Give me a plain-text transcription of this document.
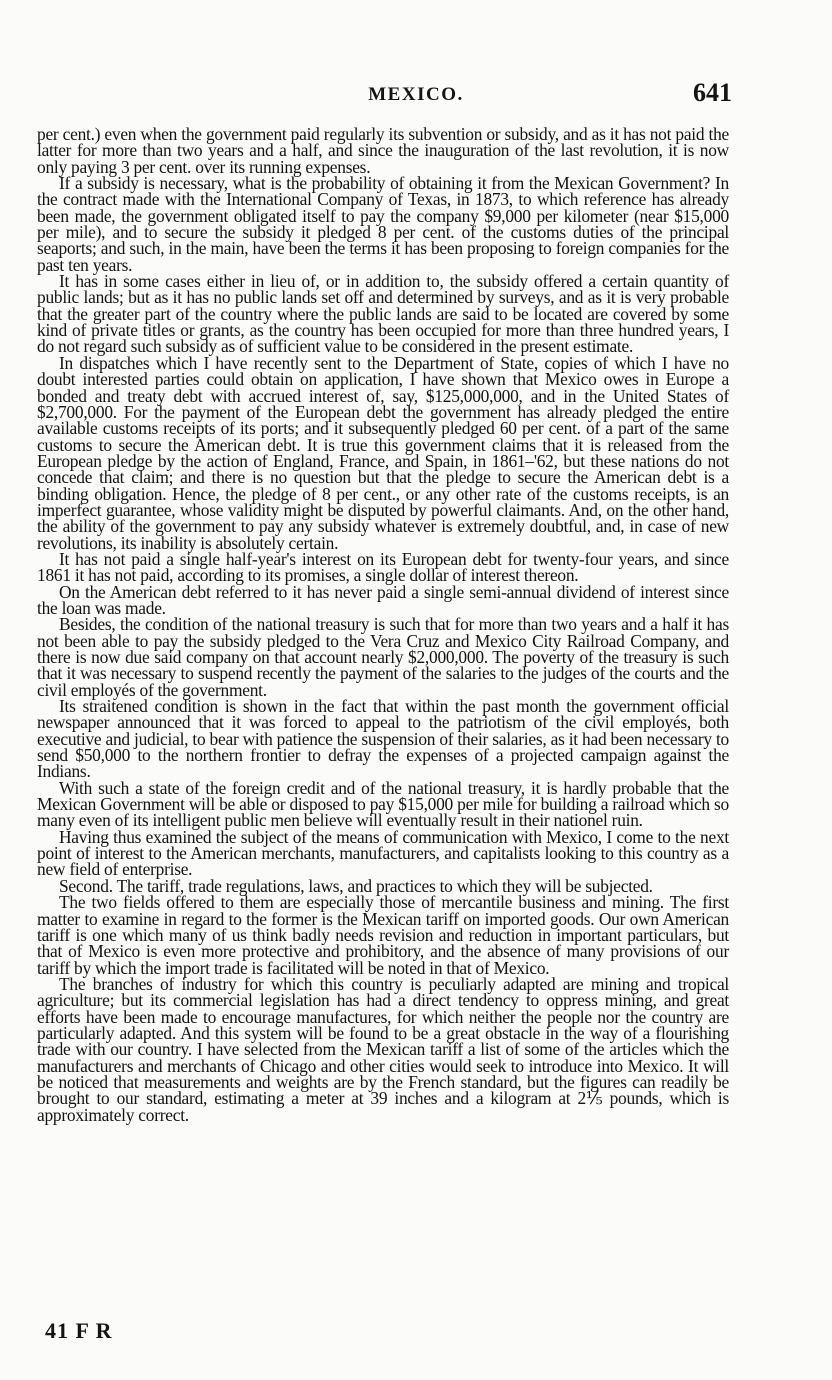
MEXICO.	641

per cent.) even when the government paid regularly its subvention or subsidy, and as it has not paid the latter for more than two years and a half, and since the inauguration of the last revolution, it is now only paying 3 per cent. over its running expenses.

If a subsidy is necessary, what is the probability of obtaining it from the Mexican Government? In the contract made with the International Company of Texas, in 1873, to which reference has already been made, the government obligated itself to pay the company $9,000 per kilometer (near $15,000 per mile), and to secure the subsidy it pledged 8 per cent. of the customs duties of the principal seaports; and such, in the main, have been the terms it has been proposing to foreign companies for the past ten years.

It has in some cases either in lieu of, or in addition to, the subsidy offered a certain quantity of public lands; but as it has no public lands set off and determined by surveys, and as it is very probable that the greater part of the country where the public lands are said to be located are covered by some kind of private titles or grants, as the country has been occupied for more than three hundred years, I do not regard such subsidy as of sufficient value to be considered in the present estimate.

In dispatches which I have recently sent to the Department of State, copies of which I have no doubt interested parties could obtain on application, I have shown that Mexico owes in Europe a bonded and treaty debt with accrued interest of, say, $125,000,000, and in the United States of $2,700,000. For the payment of the European debt the government has already pledged the entire available customs receipts of its ports; and it subsequently pledged 60 per cent. of a part of the same customs to secure the American debt. It is true this government claims that it is released from the European pledge by the action of England, France, and Spain, in 1861–'62, but these nations do not concede that claim; and there is no question but that the pledge to secure the American debt is a binding obligation. Hence, the pledge of 8 per cent., or any other rate of the customs receipts, is an imperfect guarantee, whose validity might be disputed by powerful claimants. And, on the other hand, the ability of the government to pay any subsidy whatever is extremely doubtful, and, in case of new revolutions, its inability is absolutely certain.

It has not paid a single half-year's interest on its European debt for twenty-four years, and since 1861 it has not paid, according to its promises, a single dollar of interest thereon.

On the American debt referred to it has never paid a single semi-annual dividend of interest since the loan was made.

Besides, the condition of the national treasury is such that for more than two years and a half it has not been able to pay the subsidy pledged to the Vera Cruz and Mexico City Railroad Company, and there is now due said company on that account nearly $2,000,000. The poverty of the treasury is such that it was necessary to suspend recently the payment of the salaries to the judges of the courts and the civil employés of the government.

Its straitened condition is shown in the fact that within the past month the government official newspaper announced that it was forced to appeal to the patriotism of the civil employés, both executive and judicial, to bear with patience the suspension of their salaries, as it had been necessary to send $50,000 to the northern frontier to defray the expenses of a projected campaign against the Indians.

With such a state of the foreign credit and of the national treasury, it is hardly probable that the Mexican Government will be able or disposed to pay $15,000 per mile for building a railroad which so many even of its intelligent public men believe will eventually result in their nationel ruin.

Having thus examined the subject of the means of communication with Mexico, I come to the next point of interest to the American merchants, manufacturers, and capitalists looking to this country as a new field of enterprise.

Second. The tariff, trade regulations, laws, and practices to which they will be subjected.

The two fields offered to them are especially those of mercantile business and mining. The first matter to examine in regard to the former is the Mexican tariff on imported goods. Our own American tariff is one which many of us think badly needs revision and reduction in important particulars, but that of Mexico is even more protective and prohibitory, and the absence of many provisions of our tariff by which the import trade is facilitated will be noted in that of Mexico.

The branches of industry for which this country is peculiarly adapted are mining and tropical agriculture; but its commercial legislation has had a direct tendency to oppress mining, and great efforts have been made to encourage manufactures, for which neither the people nor the country are particularly adapted. And this system will be found to be a great obstacle in the way of a flourishing trade with our country. I have selected from the Mexican tariff a list of some of the articles which the manufacturers and merchants of Chicago and other cities would seek to introduce into Mexico. It will be noticed that measurements and weights are by the French standard, but the figures can readily be brought to our standard, estimating a meter at 39 inches and a kilogram at 2⅕ pounds, which is approximately correct.

41 F R
